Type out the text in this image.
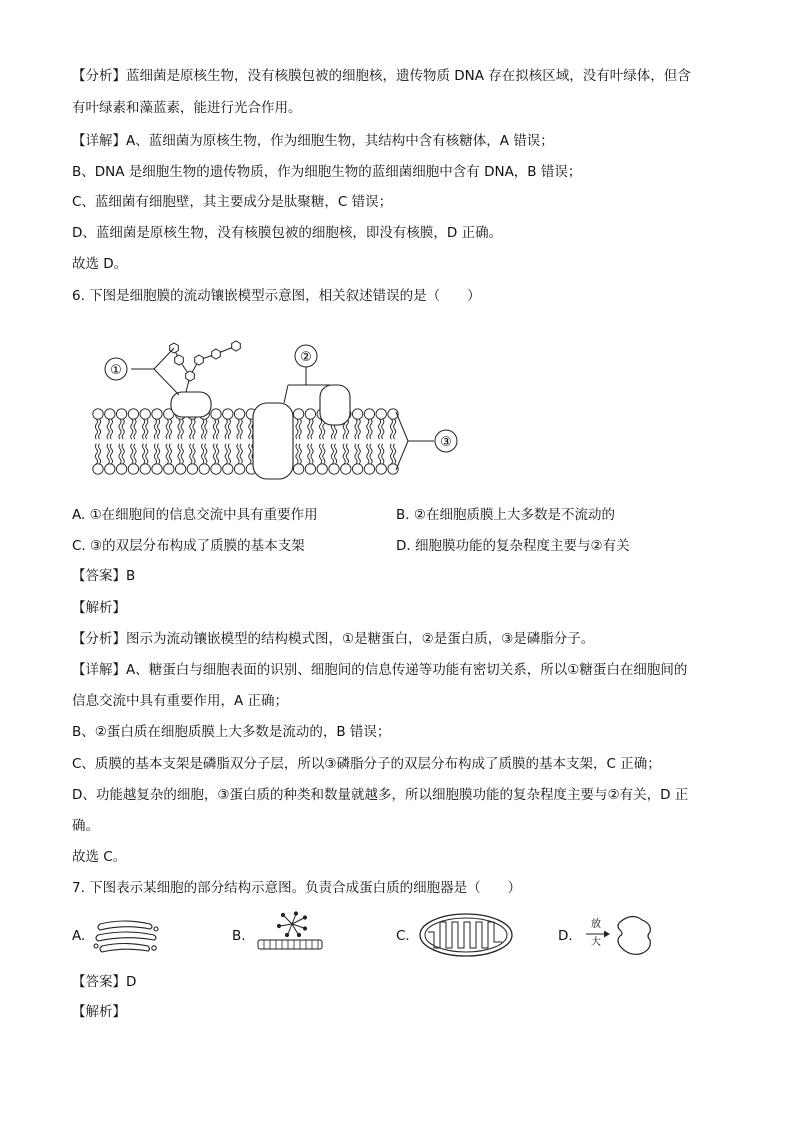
【分析】蓝细菌是原核生物，没有核膜包被的细胞核，遗传物质 DNA 存在拟核区域，没有叶绿体，但含
有叶绿素和藻蓝素，能进行光合作用。
【详解】A、蓝细菌为原核生物，作为细胞生物，其结构中含有核糖体，A 错误；
B、DNA 是细胞生物的遗传物质，作为细胞生物的蓝细菌细胞中含有 DNA，B 错误；
C、蓝细菌有细胞壁，其主要成分是肽聚糖，C 错误；
D、蓝细菌是原核生物，没有核膜包被的细胞核，即没有核膜，D 正确。
故选 D。
6. 下图是细胞膜的流动镶嵌模型示意图，相关叙述错误的是（　　）
①
②
③
A. ①在细胞间的信息交流中具有重要作用	B. ②在细胞质膜上大多数是不流动的
C. ③的双层分布构成了质膜的基本支架	D. 细胞膜功能的复杂程度主要与②有关
【答案】B
【解析】
【分析】图示为流动镶嵌模型的结构模式图，①是糖蛋白，②是蛋白质，③是磷脂分子。
【详解】A、糖蛋白与细胞表面的识别、细胞间的信息传递等功能有密切关系，所以①糖蛋白在细胞间的
信息交流中具有重要作用，A 正确；
B、②蛋白质在细胞质膜上大多数是流动的，B 错误；
C、质膜的基本支架是磷脂双分子层，所以③磷脂分子的双层分布构成了质膜的基本支架，C 正确；
D、功能越复杂的细胞，③蛋白质的种类和数量就越多，所以细胞膜功能的复杂程度主要与②有关，D 正
确。
故选 C。
7. 下图表示某细胞的部分结构示意图。负责合成蛋白质的细胞器是（　　）
A.	B.	C.	D.
放
大
【答案】D
【解析】
